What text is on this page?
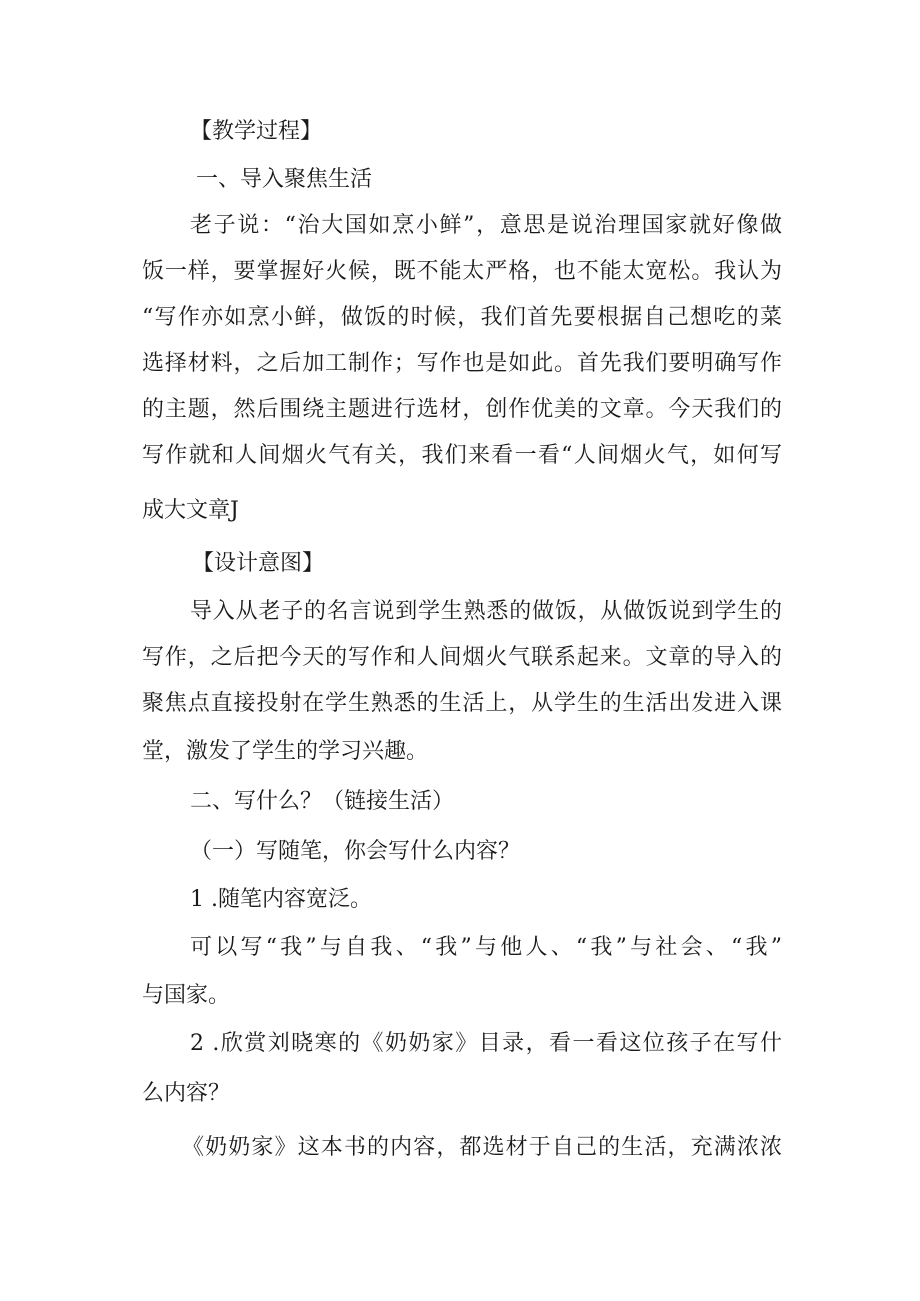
【教学过程】
一、导入聚焦生活
老子说：“治大国如烹小鲜”，意思是说治理国家就好像做
饭一样，要掌握好火候，既不能太严格，也不能太宽松。我认为
“写作亦如烹小鲜，做饭的时候，我们首先要根据自己想吃的菜
选择材料，之后加工制作；写作也是如此。首先我们要明确写作
的主题，然后围绕主题进行选材，创作优美的文章。今天我们的
写作就和人间烟火气有关，我们来看一看“人间烟火气，如何写
成大文章J
【设计意图】
导入从老子的名言说到学生熟悉的做饭，从做饭说到学生的
写作，之后把今天的写作和人间烟火气联系起来。文章的导入的
聚焦点直接投射在学生熟悉的生活上，从学生的生活出发进入课
堂，激发了学生的学习兴趣。
二、写什么？（链接生活）
（一）写随笔，你会写什么内容？
1 .随笔内容宽泛。
可以写“我”与自我、“我”与他人、“我”与社会、“我”
与国家。
2 .欣赏刘晓寒的《奶奶家》目录，看一看这位孩子在写什
么内容？
《奶奶家》这本书的内容，都选材于自己的生活，充满浓浓
